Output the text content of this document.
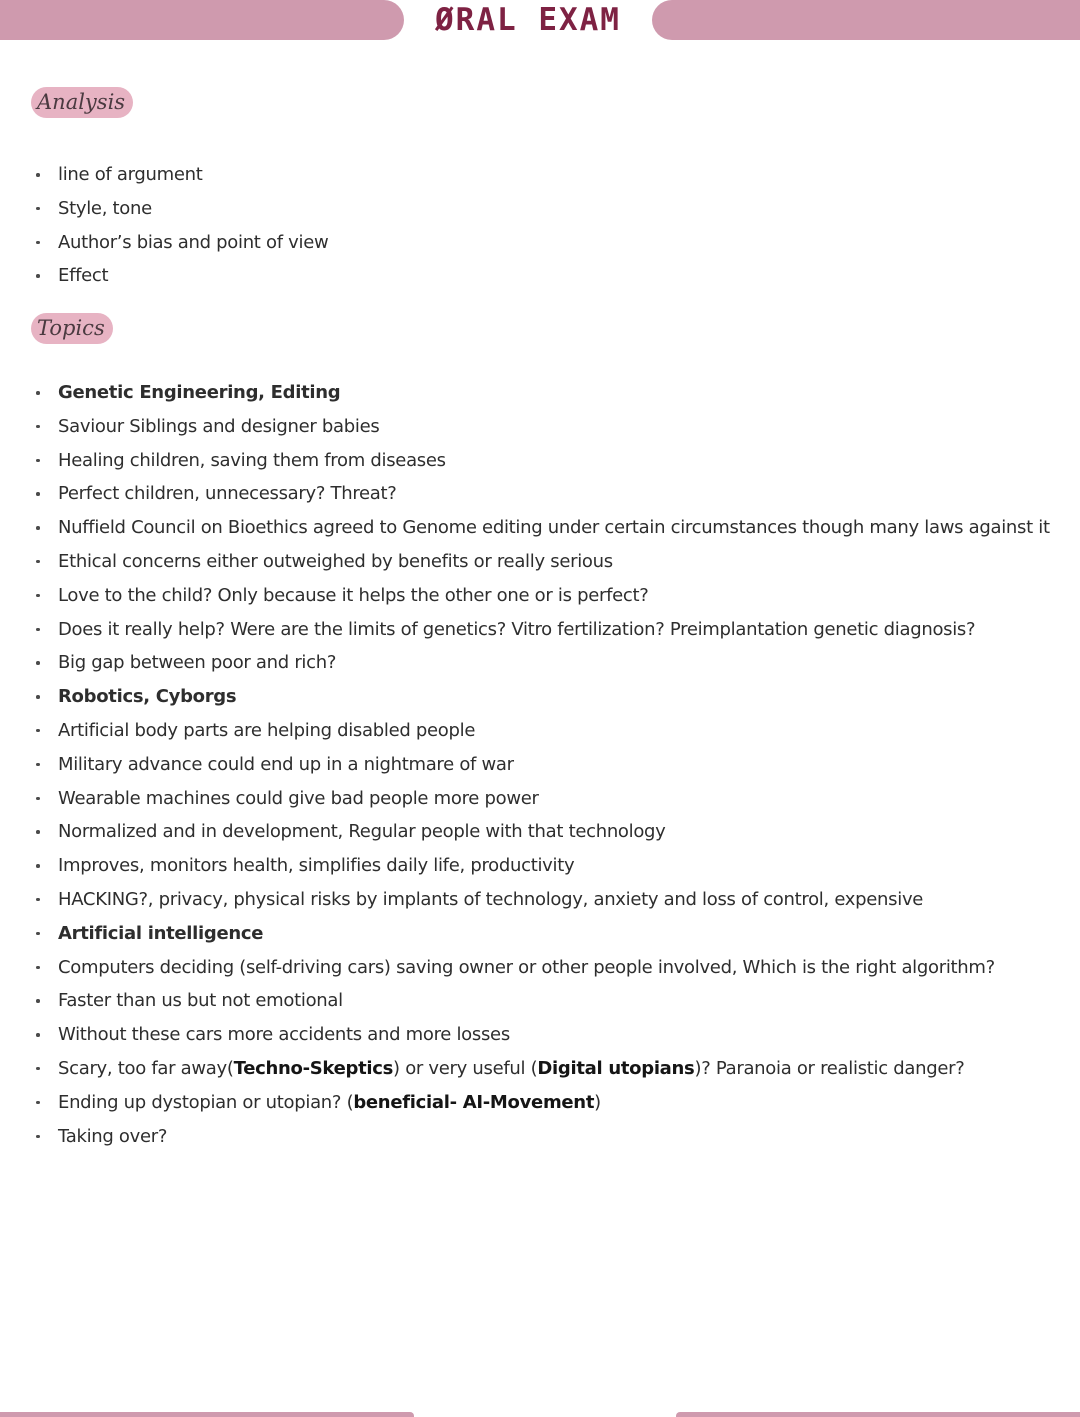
ØRAL EXAM
Analysis
line of argument
Style, tone
Author’s bias and point of view
Effect
Topics
Genetic Engineering, Editing
Saviour Siblings and designer babies
Healing children, saving them from diseases
Perfect children, unnecessary? Threat?
Nuffield Council on Bioethics agreed to Genome editing under certain circumstances though many laws against it
Ethical concerns either outweighed by benefits or really serious
Love to the child? Only because it helps the other one or is perfect?
Does it really help? Were are the limits of genetics? Vitro fertilization? Preimplantation genetic diagnosis?
Big gap between poor and rich?
Robotics, Cyborgs
Artificial body parts are helping disabled people
Military advance could end up in a nightmare of war
Wearable machines could give bad people more power
Normalized and in development, Regular people with that technology
Improves, monitors health, simplifies daily life, productivity
HACKING?, privacy, physical risks by implants of technology, anxiety and loss of control, expensive
Artificial intelligence
Computers deciding (self-driving cars) saving owner or other people involved, Which is the right algorithm?
Faster than us but not emotional
Without these cars more accidents and more losses
Scary, too far away(Techno-Skeptics) or very useful (Digital utopians)? Paranoia or realistic danger?
Ending up dystopian or utopian? (beneficial- AI-Movement)
Taking over?
